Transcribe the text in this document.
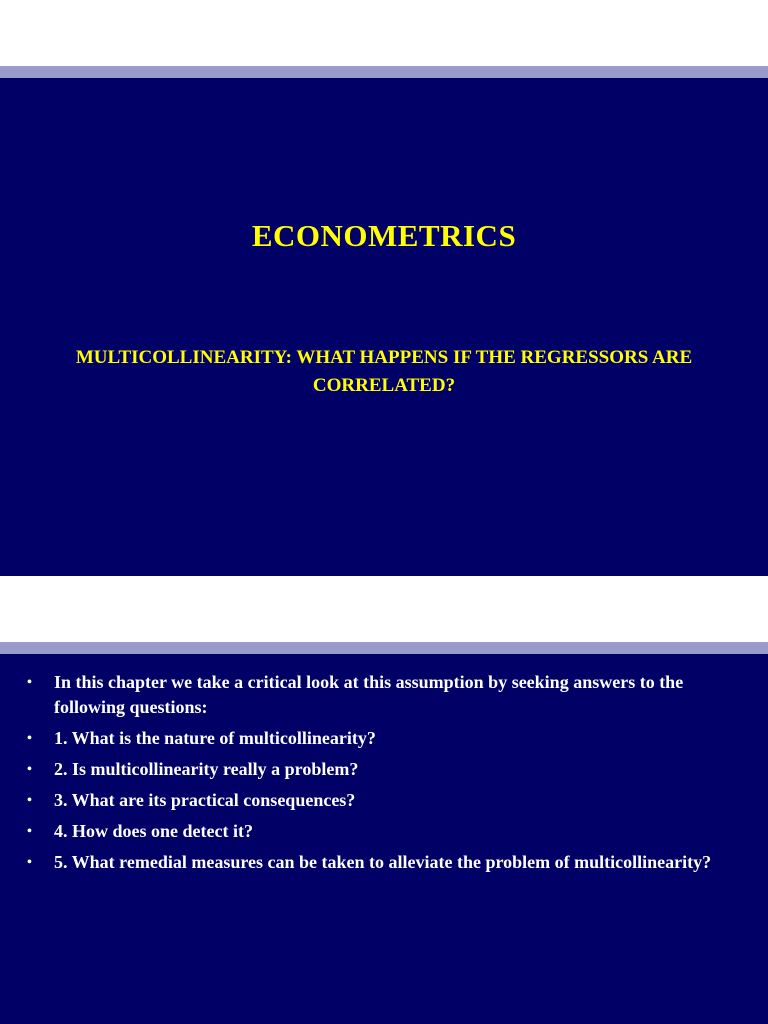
ECONOMETRICS

MULTICOLLINEARITY: WHAT HAPPENS IF THE REGRESSORS ARE CORRELATED?

• In this chapter we take a critical look at this assumption by seeking answers to the following questions:
• 1. What is the nature of multicollinearity?
• 2. Is multicollinearity really a problem?
• 3. What are its practical consequences?
• 4. How does one detect it?
• 5. What remedial measures can be taken to alleviate the problem of multicollinearity?
